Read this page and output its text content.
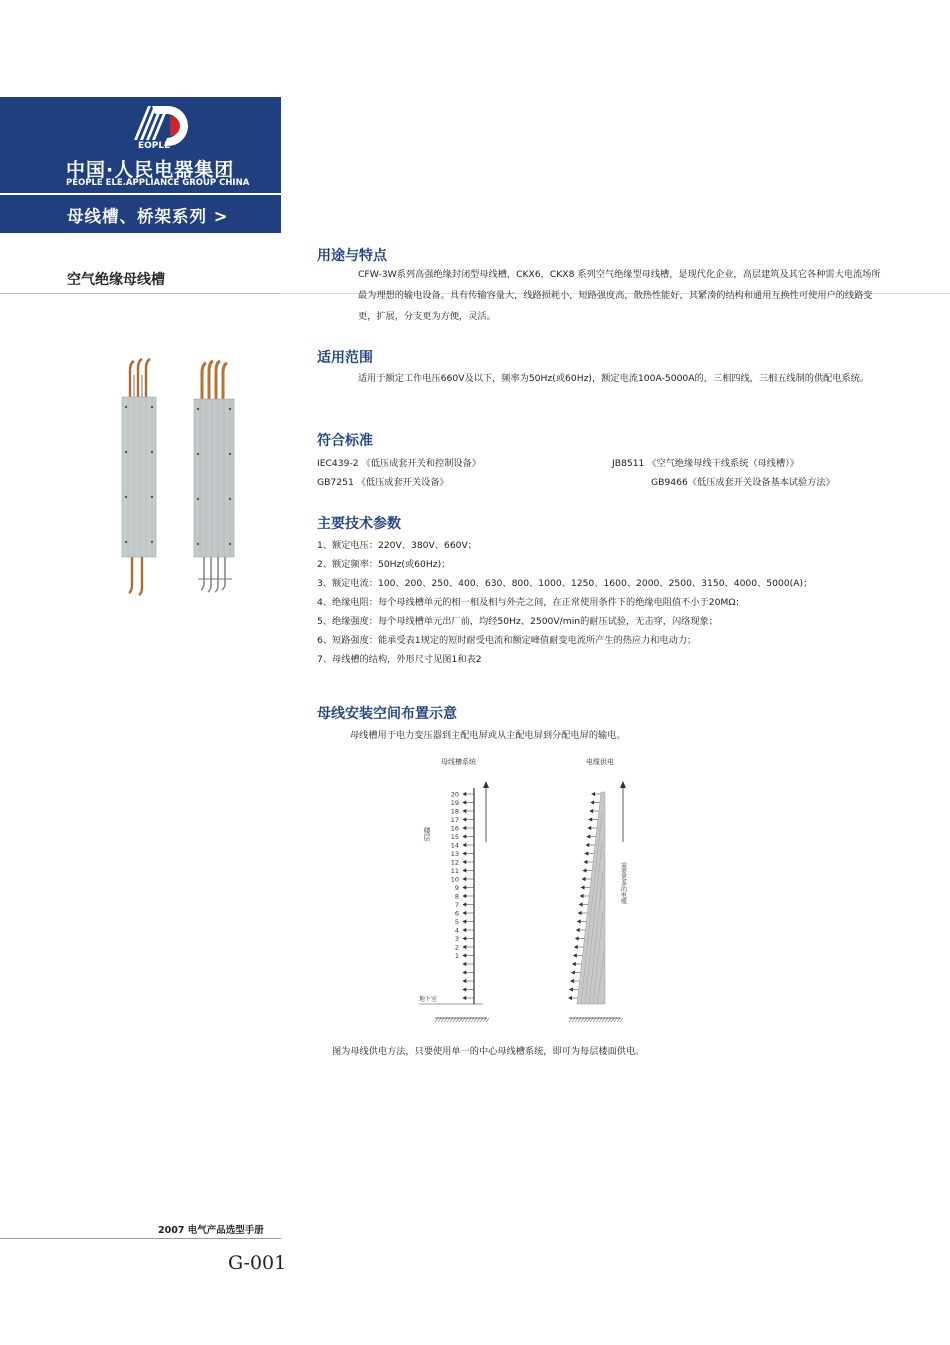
®
EOPLE
中国·人民电器集团
PEOPLE ELE.APPLIANCE GROUP CHINA
母线槽、桥架系列 >
空气绝缘母线槽
用途与特点
CFW-3W系列高强绝缘封闭型母线槽，CKX6，CKX8 系列空气绝缘型母线槽，是现代化企业，高层建筑及其它各种需大电流场所最为理想的输电设备。具有传输容量大，线路损耗小，短路强度高，散热性能好，其紧凑的结构和通用互换性可使用户的线路变更，扩展，分支更为方便，灵活。
适用范围
适用于额定工作电压660V及以下，频率为50Hz(或60Hz)，额定电流100A-5000A的，三相四线，三相五线制的供配电系统。
符合标准
IEC439-2 《低压成套开关和控制设备》	JB8511 《空气绝缘母线干线系统（母线槽）》
GB7251 《低压成套开关设备》	GB9466《低压成套开关设备基本试验方法》
主要技术参数
1、额定电压：220V、380V、660V；
2、额定频率：50Hz(或60Hz)；
3、额定电流：100、200、250、400、630、800、1000、1250、1600、2000、2500、3150、4000、5000(A)；
4、绝缘电阻：每个母线槽单元的相一相及相与外壳之间，在正常使用条件下的绝缘电阻值不小于20MΩ；
5、绝缘强度：每个母线槽单元出厂前，均经50Hz、2500V/min的耐压试验，无击穿，闪络现象；
6、短路强度：能承受表1规定的短时耐受电流和额定峰值耐变电流所产生的热应力和电动力；
7、母线槽的结构，外形尺寸见图1和表2
母线安装空间布置示意
母线槽用于电力变压器到主配电屏或从主配电屏到分配电屏的输电。
母线槽系统	电缆供电
楼层
需要更多的电缆
地下室
20
19
18
17
16
15
14
13
12
11
10
9
8
7
6
5
4
3
2
1
图为母线供电方法，只要使用单一的中心母线槽系统，即可为每层楼面供电。
2007 电气产品选型手册
G-001
